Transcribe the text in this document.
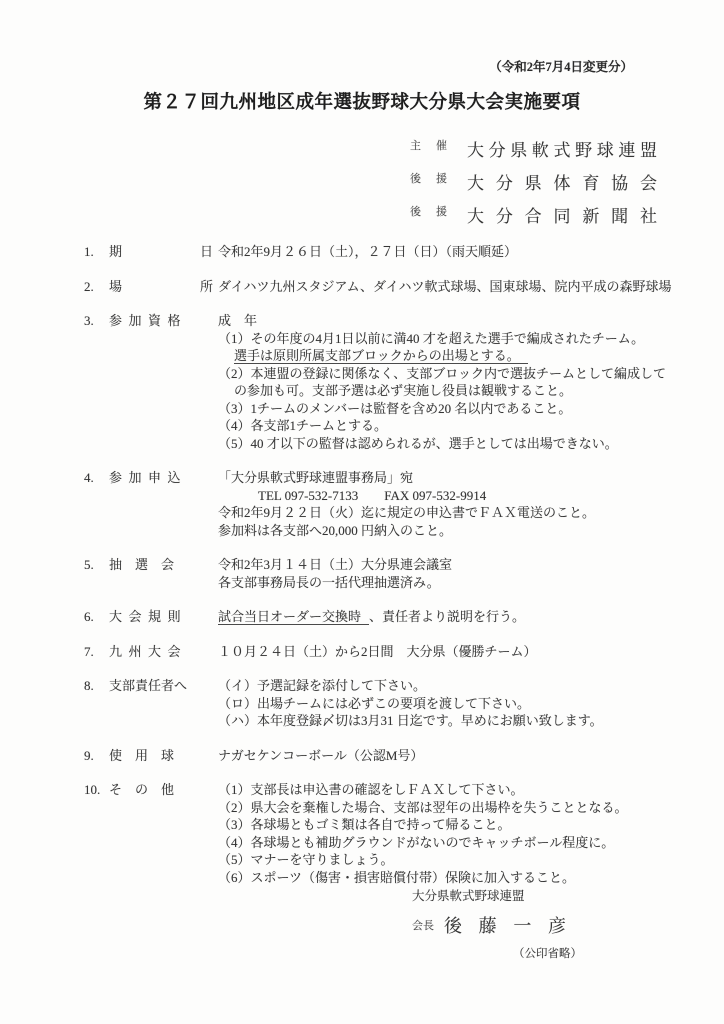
（令和2年7月4日変更分）
第２７回九州地区成年選抜野球大分県大会実施要項
主 催 大 分 県 軟 式 野 球 連 盟
後 援 大 分 県 体 育 協 会
後 援 大 分 合 同 新 聞 社
1.	期　　　　　　日 令和2年9月２６日（土），２７日（日）（雨天順延）
2.	場　　　　　　所 ダイハツ九州スタジアム、ダイハツ軟式球場、国東球場、院内平成の森野球場
3.	参  加  資  格	成　年
（1）その年度の4月1日以前に満40 才を超えた選手で編成されたチーム。
選手は原則所属支部ブロックからの出場とする。
（2）本連盟の登録に関係なく、支部ブロック内で選抜チームとして編成して
の参加も可。支部予選は必ず実施し役員は観戦すること。
（3）1チームのメンバーは監督を含め20 名以内であること。
（4）各支部1チームとする。
（5）40 才以下の監督は認められるが、選手としては出場できない。
4.	参  加  申  込	「大分県軟式野球連盟事務局」宛
TEL 097-532-7133　　FAX 097-532-9914
令和2年9月２２日（火）迄に規定の申込書でＦＡＸ電送のこと。
参加料は各支部へ20,000 円納入のこと。
5.	抽　選　会	令和2年3月１４日（土）大分県連会議室
各支部事務局長の一括代理抽選済み。
6.	大  会  規  則	試合当日オーダー交換時 、責任者より説明を行う。
7.	九  州  大  会	１０月２４日（土）から2日間　大分県（優勝チーム）
8.	支部責任者へ	（イ）予選記録を添付して下さい。
（ロ）出場チームには必ずこの要項を渡して下さい。
（ハ）本年度登録〆切は3月31 日迄です。早めにお願い致します。
9.	使　用　球	ナガセケンコーボール（公認M号）
10. そ　の　他	（1）支部長は申込書の確認をしＦＡＸして下さい。
（2）県大会を棄権した場合、支部は翌年の出場枠を失うこととなる。
（3）各球場ともゴミ類は各自で持って帰ること。
（4）各球場とも補助グラウンドがないのでキャッチボール程度に。
（5）マナーを守りましょう。
（6）スポーツ（傷害・損害賠償付帯）保険に加入すること。
大分県軟式野球連盟
会長 後 藤 一 彦
（公印省略）
